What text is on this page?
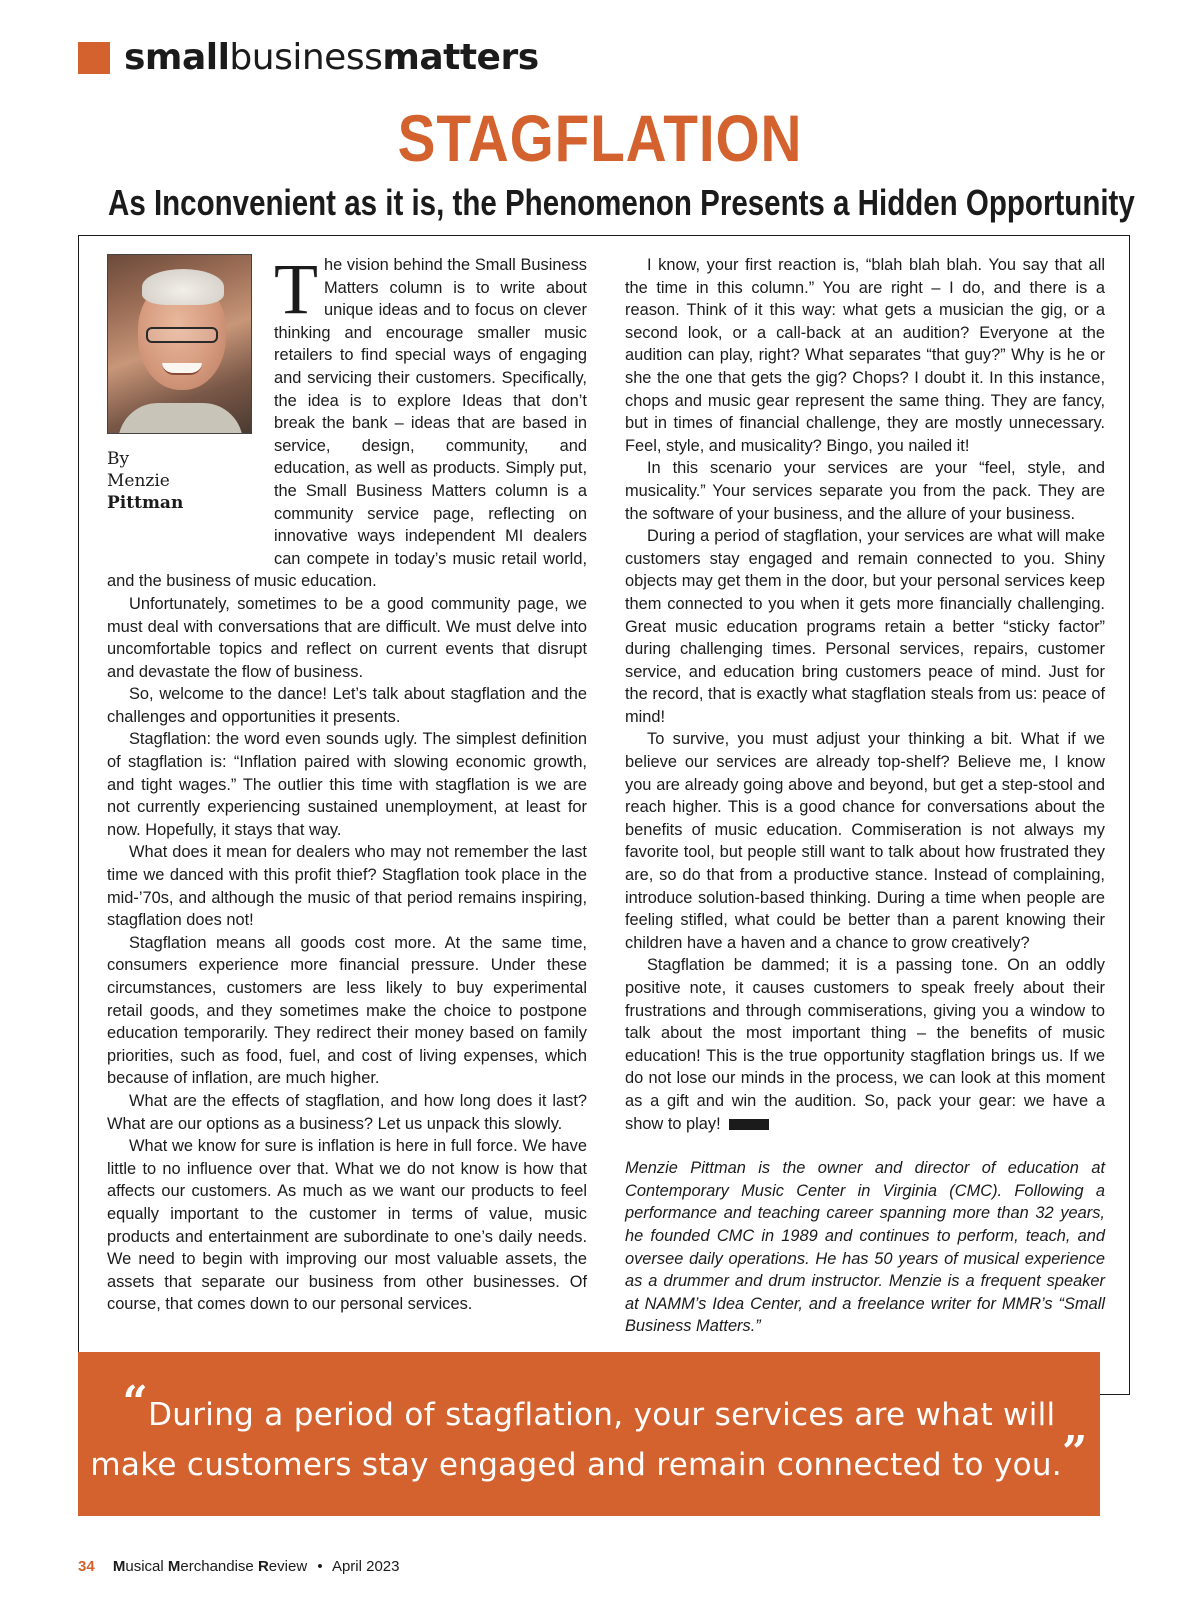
smallbusinessmatters
STAGFLATION
As Inconvenient as it is, the Phenomenon Presents a Hidden Opportunity
By
Menzie
Pittman

The vision behind the Small Business Matters column is to write about unique ideas and to focus on clever thinking and encourage smaller music retailers to find special ways of engaging and servicing their customers. Specifically, the idea is to explore Ideas that don’t break the bank – ideas that are based in service, design, community, and education, as well as products. Simply put, the Small Business Matters column is a community service page, reflecting on innovative ways independent MI dealers can compete in today’s music retail world, and the business of music education.

Unfortunately, sometimes to be a good community page, we must deal with conversations that are difficult. We must delve into uncomfortable topics and reflect on current events that disrupt and devastate the flow of business.

So, welcome to the dance! Let’s talk about stagflation and the challenges and opportunities it presents.

Stagflation: the word even sounds ugly. The simplest definition of stagflation is: “Inflation paired with slowing economic growth, and tight wages.” The outlier this time with stagflation is we are not currently experiencing sustained unemployment, at least for now. Hopefully, it stays that way.

What does it mean for dealers who may not remember the last time we danced with this profit thief? Stagflation took place in the mid-’70s, and although the music of that period remains inspiring, stagflation does not!

Stagflation means all goods cost more. At the same time, consumers experience more financial pressure. Under these circumstances, customers are less likely to buy experimental retail goods, and they sometimes make the choice to postpone education temporarily. They redirect their money based on family priorities, such as food, fuel, and cost of living expenses, which because of inflation, are much higher.

What are the effects of stagflation, and how long does it last? What are our options as a business? Let us unpack this slowly.

What we know for sure is inflation is here in full force. We have little to no influence over that. What we do not know is how that affects our customers. As much as we want our products to feel equally important to the customer in terms of value, music products and entertainment are subordinate to one’s daily needs. We need to begin with improving our most valuable assets, the assets that separate our business from other businesses. Of course, that comes down to our personal services.

I know, your first reaction is, “blah blah blah. You say that all the time in this column.” You are right – I do, and there is a reason. Think of it this way: what gets a musician the gig, or a second look, or a call-back at an audition? Everyone at the audition can play, right? What separates “that guy?” Why is he or she the one that gets the gig? Chops? I doubt it. In this instance, chops and music gear represent the same thing. They are fancy, but in times of financial challenge, they are mostly unnecessary. Feel, style, and musicality? Bingo, you nailed it!

In this scenario your services are your “feel, style, and musicality.” Your services separate you from the pack. They are the software of your business, and the allure of your business.

During a period of stagflation, your services are what will make customers stay engaged and remain connected to you. Shiny objects may get them in the door, but your personal services keep them connected to you when it gets more financially challenging. Great music education programs retain a better “sticky factor” during challenging times. Personal services, repairs, customer service, and education bring customers peace of mind. Just for the record, that is exactly what stagflation steals from us: peace of mind!

To survive, you must adjust your thinking a bit. What if we believe our services are already top-shelf? Believe me, I know you are already going above and beyond, but get a step-stool and reach higher. This is a good chance for conversations about the benefits of music education. Commiseration is not always my favorite tool, but people still want to talk about how frustrated they are, so do that from a productive stance. Instead of complaining, introduce solution-based thinking. During a time when people are feeling stifled, what could be better than a parent knowing their children have a haven and a chance to grow creatively?

Stagflation be dammed; it is a passing tone. On an oddly positive note, it causes customers to speak freely about their frustrations and through commiserations, giving you a window to talk about the most important thing – the benefits of music education! This is the true opportunity stagflation brings us. If we do not lose our minds in the process, we can look at this moment as a gift and win the audition. So, pack your gear: we have a show to play!

Menzie Pittman is the owner and director of education at Contemporary Music Center in Virginia (CMC). Following a performance and teaching career spanning more than 32 years, he founded CMC in 1989 and continues to perform, teach, and oversee daily operations. He has 50 years of musical experience as a drummer and drum instructor. Menzie is a frequent speaker at NAMM’s Idea Center, and a freelance writer for MMR’s “Small Business Matters.”

“During a period of stagflation, your services are what will make customers stay engaged and remain connected to you.”
34 Musical Merchandise Review • April 2023
